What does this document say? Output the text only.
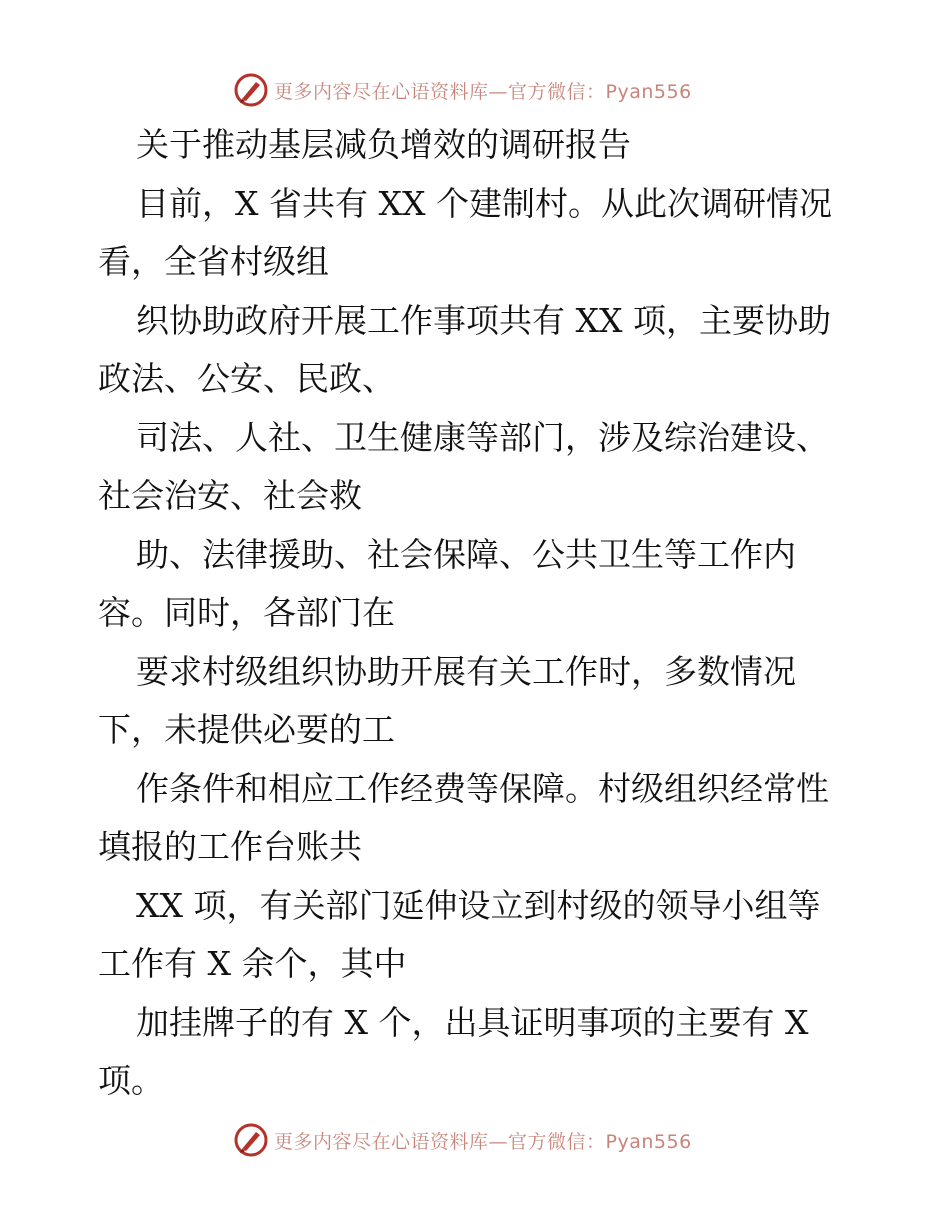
更多内容尽在心语资料库—官方微信：Pyan556
关于推动基层减负增效的调研报告
目前，X 省共有 XX 个建制村。从此次调研情况
看，全省村级组
织协助政府开展工作事项共有 XX 项，主要协助
政法、公安、民政、
司法、人社、卫生健康等部门，涉及综治建设、
社会治安、社会救
助、法律援助、社会保障、公共卫生等工作内
容。同时，各部门在
要求村级组织协助开展有关工作时，多数情况
下，未提供必要的工
作条件和相应工作经费等保障。村级组织经常性
填报的工作台账共
XX 项，有关部门延伸设立到村级的领导小组等
工作有 X 余个，其中
加挂牌子的有 X 个，出具证明事项的主要有 X
项。
更多内容尽在心语资料库—官方微信：Pyan556
